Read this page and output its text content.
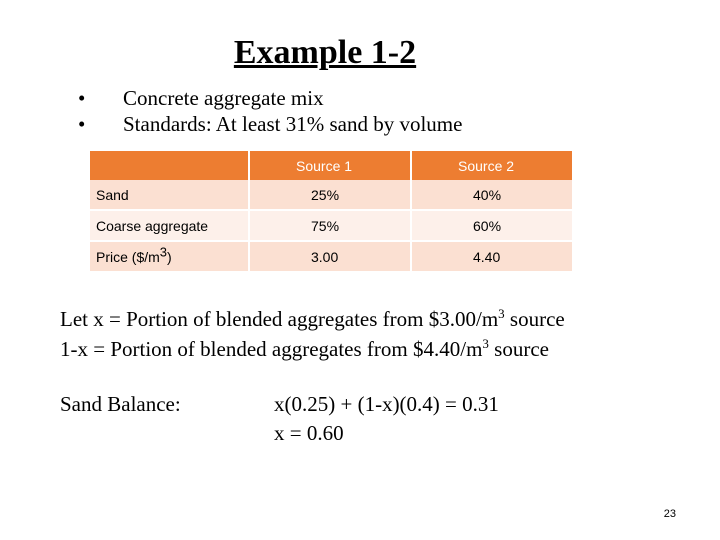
Example 1-2
• Concrete aggregate mix
• Standards: At least 31% sand by volume
	Source 1	Source 2
Sand	25%	40%
Coarse aggregate	75%	60%
Price ($/m3)	3.00	4.40
Let x = Portion of blended aggregates from $\$3.00/m^3$ source
1-x = Portion of blended aggregates from $\$4.40/m^3$ source
Sand Balance:	x(0.25) + (1-x)(0.4) = 0.31
x = 0.60
23
